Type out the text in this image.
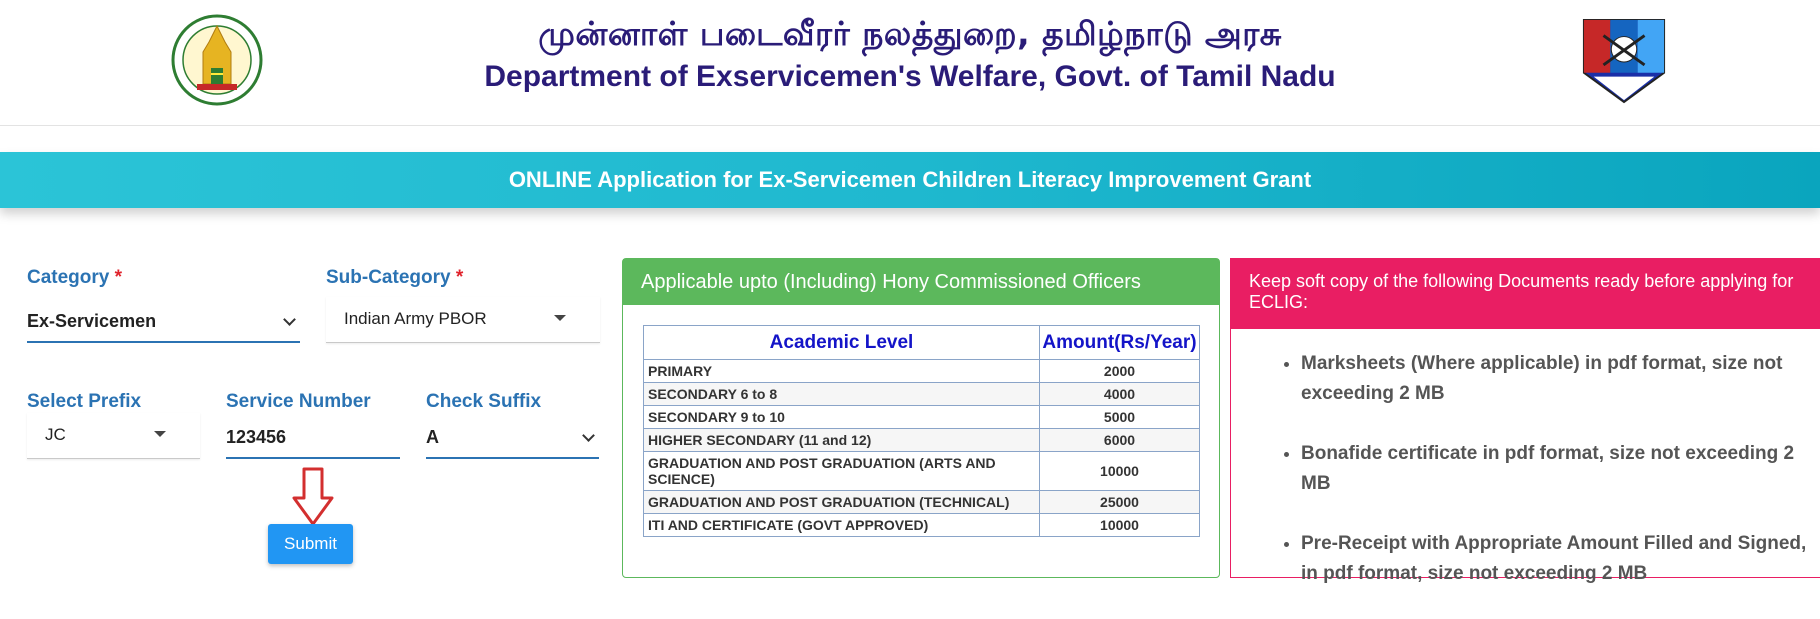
முன்னாள் படைவீரர் நலத்துறை, தமிழ்நாடு அரசு
Department of Exservicemen's Welfare, Govt. of Tamil Nadu
ONLINE Application for Ex-Servicemen Children Literacy Improvement Grant
Category *
Ex-Servicemen
Sub-Category *
Indian Army PBOR
Select Prefix
JC
Service Number
123456
Check Suffix
A
Submit
Applicable upto (Including) Hony Commissioned Officers
Academic Level	Amount(Rs/Year)
PRIMARY	2000
SECONDARY 6 to 8	4000
SECONDARY 9 to 10	5000
HIGHER SECONDARY (11 and 12)	6000
GRADUATION AND POST GRADUATION (ARTS AND SCIENCE)	10000
GRADUATION AND POST GRADUATION (TECHNICAL)	25000
ITI AND CERTIFICATE (GOVT APPROVED)	10000
Keep soft copy of the following Documents ready before applying for ECLIG:
• Marksheets (Where applicable) in pdf format, size not exceeding 2 MB
• Bonafide certificate in pdf format, size not exceeding 2 MB
• Pre-Receipt with Appropriate Amount Filled and Signed, in pdf format, size not exceeding 2 MB
